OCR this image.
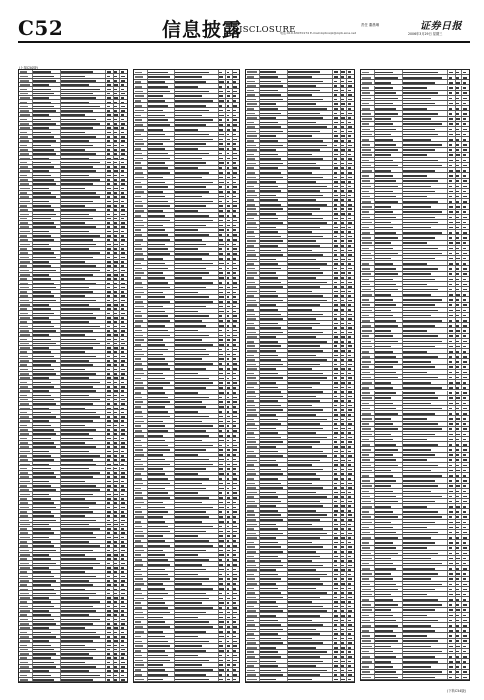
C52	信息披露
DISCLOSURE
电话:010-63070174 E-mail:zqrbxxpl@zqrb.sina.net
责任 董晨琳	证券日报
2006年3月29日 星期三
(上接C50版)
(下转C54版)
